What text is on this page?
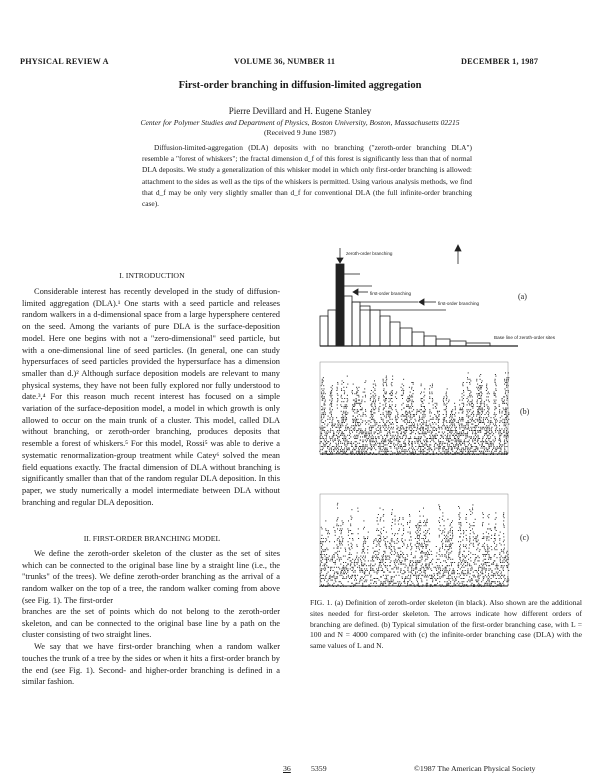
PHYSICAL REVIEW A	VOLUME 36, NUMBER 11	DECEMBER 1, 1987
First-order branching in diffusion-limited aggregation
Pierre Devillard and H. Eugene Stanley
Center for Polymer Studies and Department of Physics, Boston University, Boston, Massachusetts 02215
(Received 9 June 1987)

Diffusion-limited-aggregation (DLA) deposits with no branching ("zeroth-order branching DLA") resemble a "forest of whiskers"; the fractal dimension d_f of this forest is significantly less than that of normal DLA deposits. We study a generalization of this whisker model in which only first-order branching is allowed: attachment to the sides as well as the tips of the whiskers is permitted. Using various analysis methods, we find that d_f may be only very slightly smaller than d_f for conventional DLA (the full infinite-order branching case).

I. INTRODUCTION

Considerable interest has recently developed in the study of diffusion-limited aggregation (DLA).¹ One starts with a seed particle and releases random walkers in a d-dimensional space from a large hypersphere centered on the seed. Among the variants of pure DLA is the surface-deposition model. Here one begins with not a "zero-dimensional" seed particle, but with a one-dimensional line of seed particles. (In general, one can study hypersurfaces of seed particles provided the hypersurface has a dimension smaller than d.)² Although surface deposition models are relevant to many physical systems, they have not been fully explored nor fully understood to date.³,⁴ For this reason much recent interest has focused on a simple variation of the surface-deposition model, a model in which growth is only allowed to occur on the main trunk of a cluster. This model, called DLA without branching, or zeroth-order branching, produces deposits that resemble a forest of whiskers.⁵ For this model, Rossi⁵ was able to derive a systematic renormalization-group treatment while Catey⁶ solved the mean field equations exactly. The fractal dimension of DLA without branching is significantly smaller than that of the random regular DLA deposition. In this paper, we study numerically a model intermediate between DLA without branching and regular DLA deposition.

II. FIRST-ORDER BRANCHING MODEL

We define the zeroth-order skeleton of the cluster as the set of sites which can be connected to the original base line by a straight line (i.e., the "trunks" of the trees). We define zeroth-order branching as the arrival of a random walker on the top of a tree, the random walker coming from above (see Fig. 1). The first-order

branches are the set of points which do not belong to the zeroth-order skeleton, and can be connected to the original base line by a path on the cluster consisting of two straight lines.
We say that we have first-order branching when a random walker touches the trunk of a tree by the sides or when it hits a first-order branch by the end (see Fig. 1). Second- and higher-order branching is defined in a similar fashion.

zeroth-order branching
first-order branching
first-order branching
Base line of zeroth-order sites
(a)
(b)
(c)

FIG. 1. (a) Definition of zeroth-order skeleton (in black). Also shown are the additional sites needed for first-order skeleton. The arrows indicate how different orders of branching are defined. (b) Typical simulation of the first-order branching case, with L = 100 and N = 4000 compared with (c) the infinite-order branching case (DLA) with the same values of L and N.

36	5359	©1987 The American Physical Society
